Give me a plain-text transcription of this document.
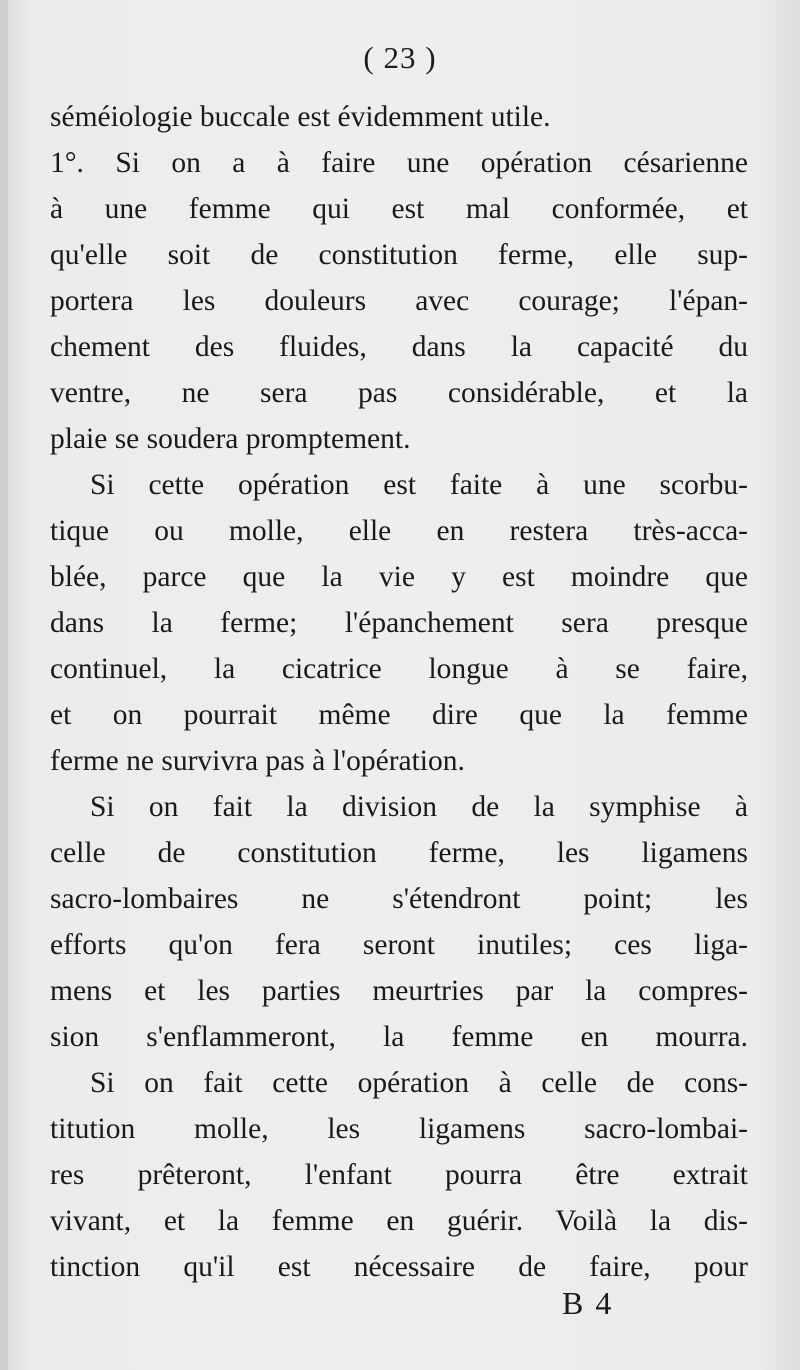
( 23 )
séméiologie buccale est évidemment utile.
1°. Si on a à faire une opération césarienne
à une femme qui est mal conformée, et
qu'elle soit de constitution ferme, elle sup-
portera les douleurs avec courage; l'épan-
chement des fluides, dans la capacité du
ventre, ne sera pas considérable, et la
plaie se soudera promptement.
Si cette opération est faite à une scorbu-
tique ou molle, elle en restera très-acca-
blée, parce que la vie y est moindre que
dans la ferme; l'épanchement sera presque
continuel, la cicatrice longue à se faire,
et on pourrait même dire que la femme
ferme ne survivra pas à l'opération.
Si on fait la division de la symphise à
celle de constitution ferme, les ligamens
sacro-lombaires ne s'étendront point; les
efforts qu'on fera seront inutiles; ces liga-
mens et les parties meurtries par la compres-
sion s'enflammeront, la femme en mourra.
Si on fait cette opération à celle de cons-
titution molle, les ligamens sacro-lombai-
res prêteront, l'enfant pourra être extrait
vivant, et la femme en guérir. Voilà la dis-
tinction qu'il est nécessaire de faire, pour
B 4
